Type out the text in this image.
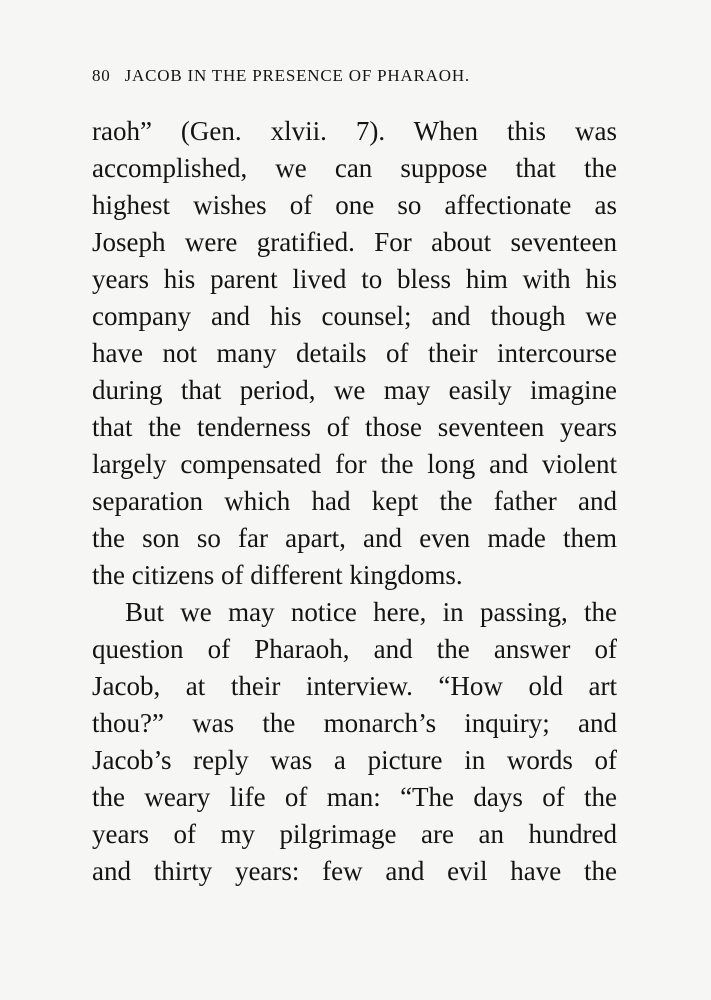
80 JACOB IN THE PRESENCE OF PHARAOH.
raoh” (Gen. xlvii. 7). When this was
accomplished, we can suppose that the
highest wishes of one so affectionate as
Joseph were gratified. For about seventeen
years his parent lived to bless him with his
company and his counsel; and though we
have not many details of their intercourse
during that period, we may easily imagine
that the tenderness of those seventeen years
largely compensated for the long and violent
separation which had kept the father and
the son so far apart, and even made them
the citizens of different kingdoms.
But we may notice here, in passing, the
question of Pharaoh, and the answer of
Jacob, at their interview. “How old art
thou?” was the monarch’s inquiry; and
Jacob’s reply was a picture in words of
the weary life of man: “The days of the
years of my pilgrimage are an hundred
and thirty years: few and evil have the
